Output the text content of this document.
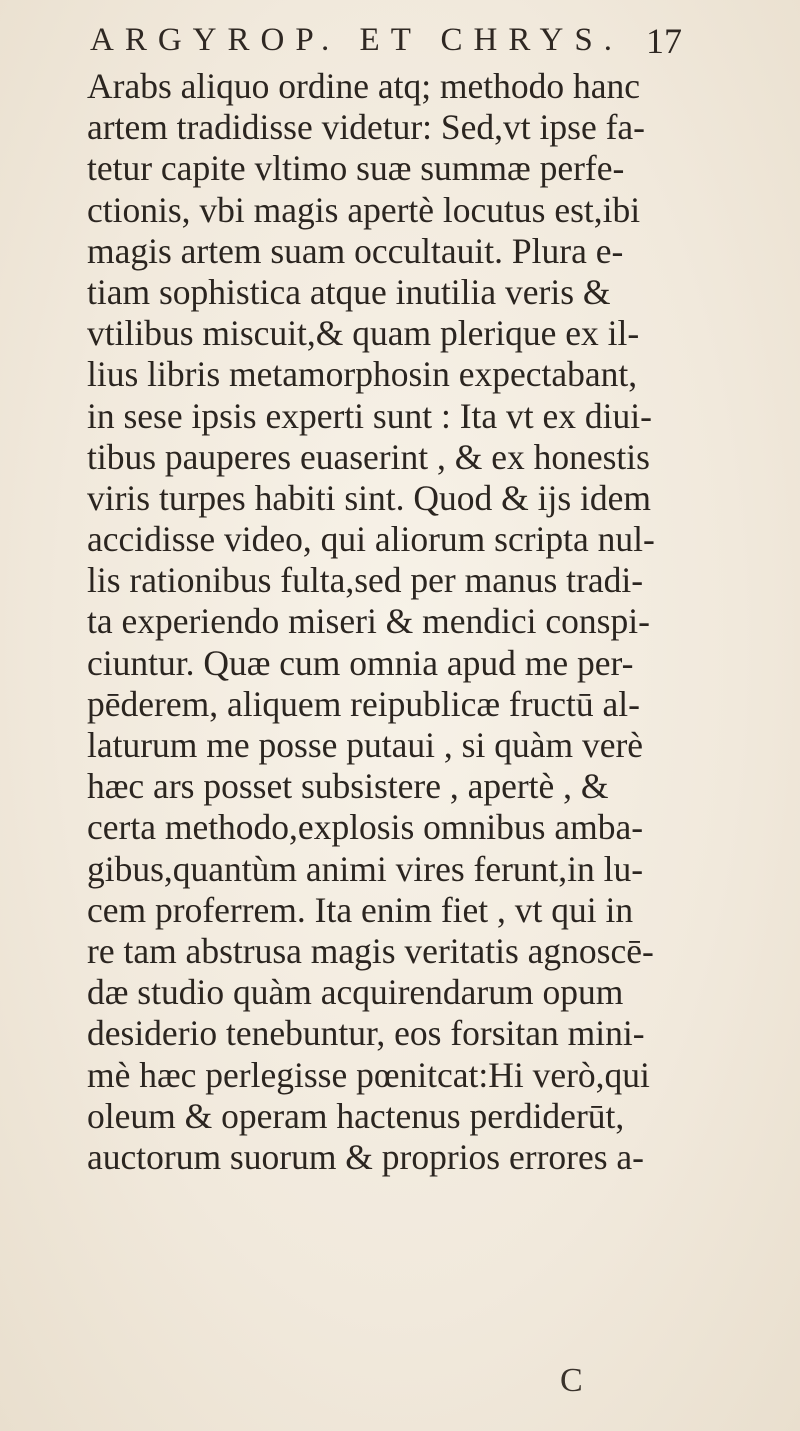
ARGYROP. ET CHRYS. 17
Arabs aliquo ordine atq; methodo hanc
artem tradidisse videtur: Sed,vt ipse fa-
tetur capite vltimo suæ summæ perfe-
ctionis, vbi magis apertè locutus est,ibi
magis artem suam occultauit. Plura e-
tiam sophistica atque inutilia veris &
vtilibus miscuit,& quam plerique ex il-
lius libris metamorphosin expectabant,
in sese ipsis experti sunt : Ita vt ex diui-
tibus pauperes euaserint , & ex honestis
viris turpes habiti sint. Quod & ijs idem
accidisse video, qui aliorum scripta nul-
lis rationibus fulta,sed per manus tradi-
ta experiendo miseri & mendici conspi-
ciuntur. Quæ cum omnia apud me per-
pēderem, aliquem reipublicæ fructū al-
laturum me posse putaui , si quàm verè
hæc ars posset subsistere , apertè , &
certa methodo,explosis omnibus amba-
gibus,quantùm animi vires ferunt,in lu-
cem proferrem. Ita enim fiet , vt qui in
re tam abstrusa magis veritatis agnoscē-
dæ studio quàm acquirendarum opum
desiderio tenebuntur, eos forsitan mini-
mè hæc perlegisse pœnitcat:Hi verò,qui
oleum & operam hactenus perdiderūt,
auctorum suorum & proprios errores a-
C
